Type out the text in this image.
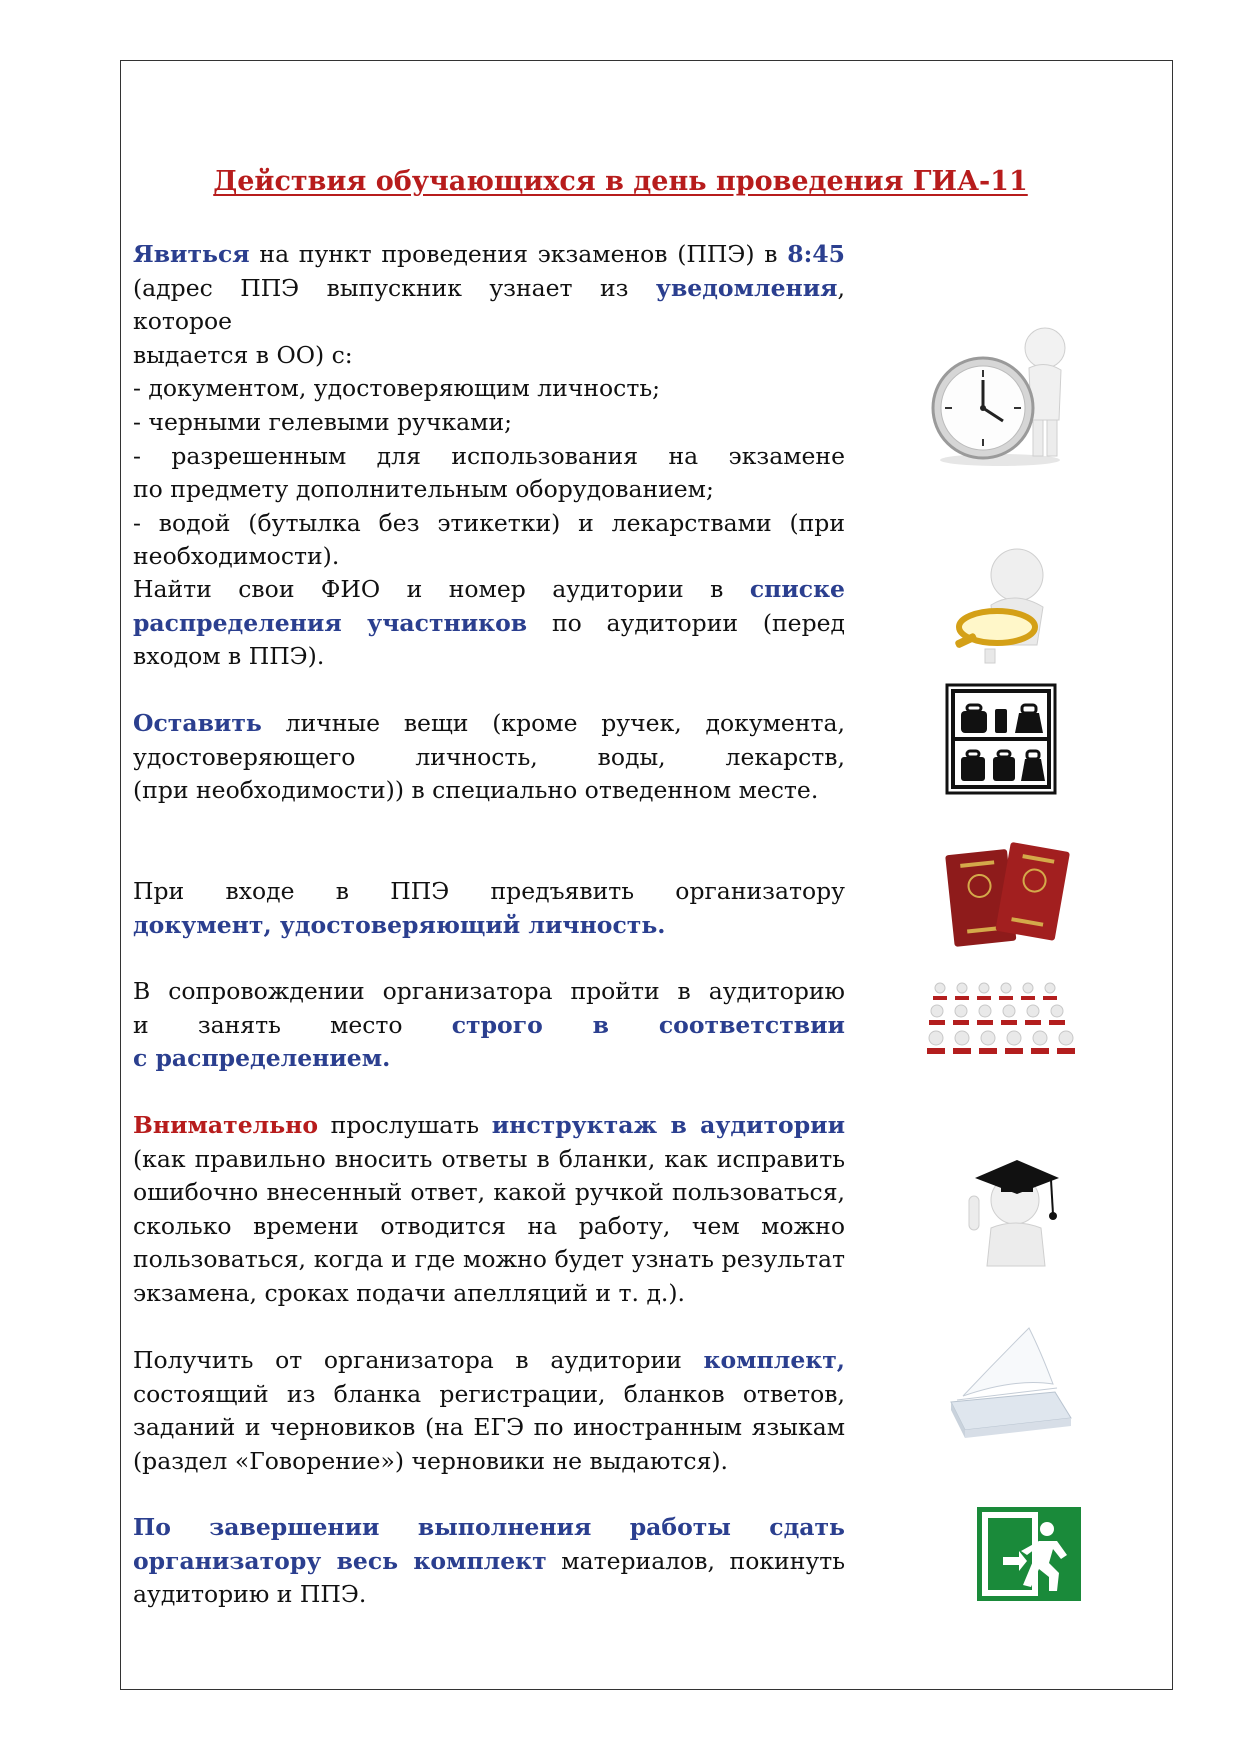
Действия обучающихся в день проведения ГИА-11
Явиться на пункт проведения экзаменов (ППЭ) в 8:45
(адрес ППЭ выпускник узнает из уведомления, которое
выдается в ОО) с:
- документом, удостоверяющим личность;
- черными гелевыми ручками;
- разрешенным для использования на экзамене
по предмету дополнительным оборудованием;
- водой (бутылка без этикетки) и лекарствами (при
необходимости).
Найти свои ФИО и номер аудитории в списке
распределения участников по аудитории (перед
входом в ППЭ).
Оставить личные вещи (кроме ручек, документа,
удостоверяющего личность, воды, лекарств,
(при необходимости)) в специально отведенном месте.
При входе в ППЭ предъявить организатору
документ, удостоверяющий личность.
В сопровождении организатора пройти в аудиторию
и занять место строго в соответствии
с распределением.
Внимательно прослушать инструктаж в аудитории
(как правильно вносить ответы в бланки, как исправить
ошибочно внесенный ответ, какой ручкой пользоваться,
сколько времени отводится на работу, чем можно
пользоваться, когда и где можно будет узнать результат
экзамена, сроках подачи апелляций и т. д.).
Получить от организатора в аудитории комплект,
состоящий из бланка регистрации, бланков ответов,
заданий и черновиков (на ЕГЭ по иностранным языкам
(раздел «Говорение») черновики не выдаются).
По завершении выполнения работы сдать
организатору весь комплект материалов, покинуть
аудиторию и ППЭ.
